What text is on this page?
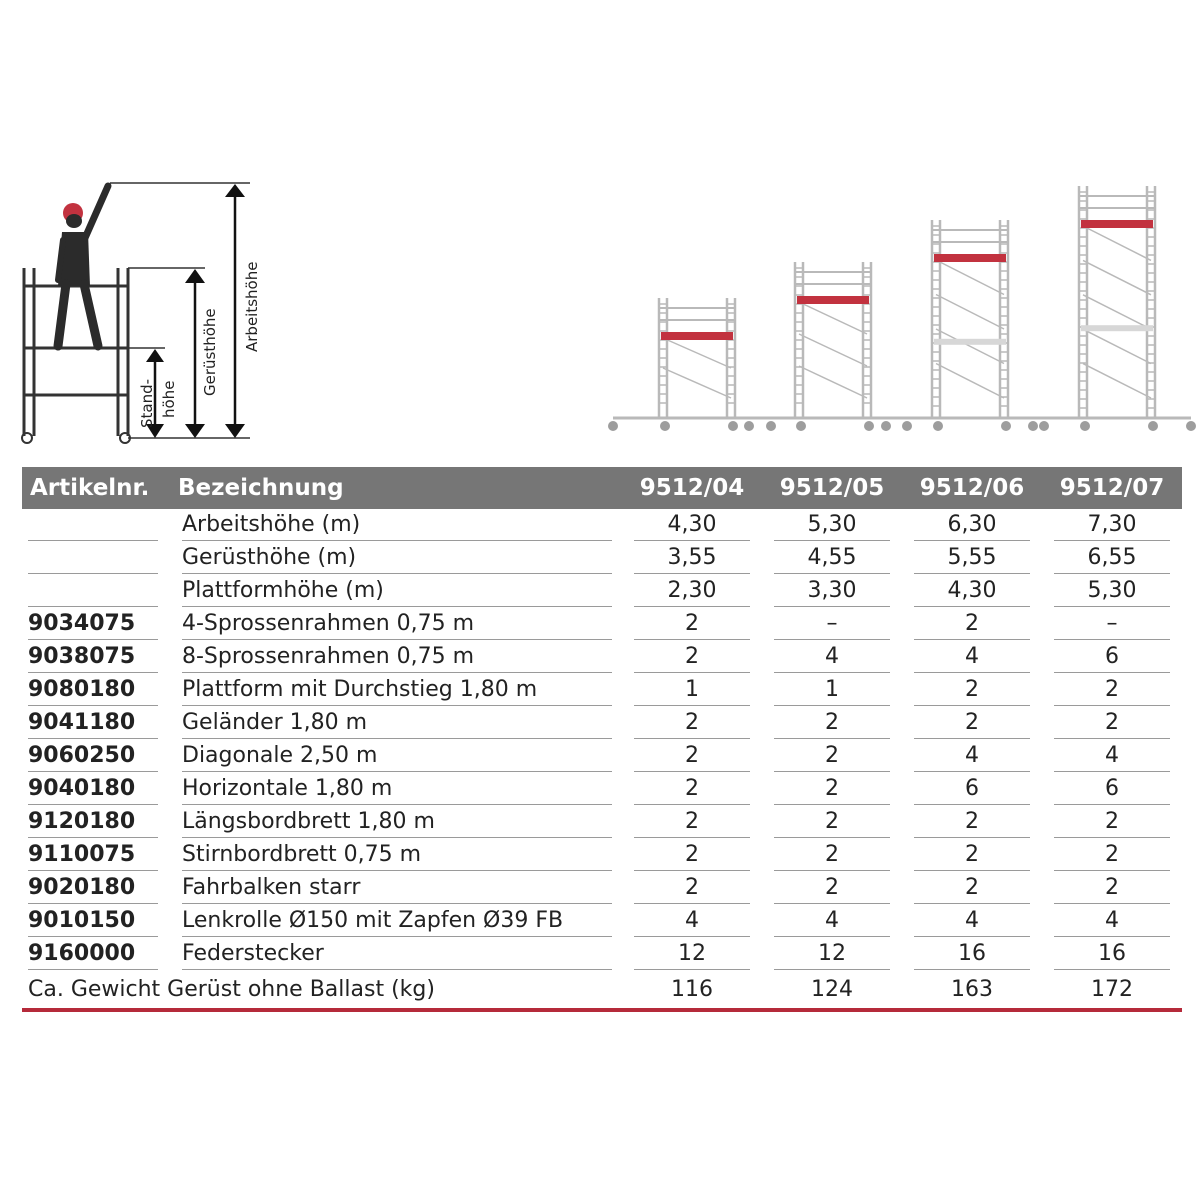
Arbeitshöhe
Gerüsthöhe
Stand- höhe
Artikelnr.	Bezeichnung	9512/04	9512/05	9512/06	9512/07

	Arbeitshöhe (m)	4,30	5,30	6,30	7,30

	Gerüsthöhe (m)	3,55	4,55	5,55	6,55

	Plattformhöhe (m)	2,30	3,30	4,30	5,30

9034075	4-Sprossenrahmen 0,75 m	2	–	2	–

9038075	8-Sprossenrahmen 0,75 m	2	4	4	6

9080180	Plattform mit Durchstieg 1,80 m	1	1	2	2

9041180	Geländer 1,80 m	2	2	2	2

9060250	Diagonale 2,50 m	2	2	4	4

9040180	Horizontale 1,80 m	2	2	6	6

9120180	Längsbordbrett 1,80 m	2	2	2	2

9110075	Stirnbordbrett 0,75 m	2	2	2	2

9020180	Fahrbalken starr	2	2	2	2

9010150	Lenkrolle Ø150 mit Zapfen Ø39 FB	4	4	4	4

9160000	Federstecker	12	12	16	16

Ca. Gewicht Gerüst ohne Ballast (kg)		116	124	163	172
